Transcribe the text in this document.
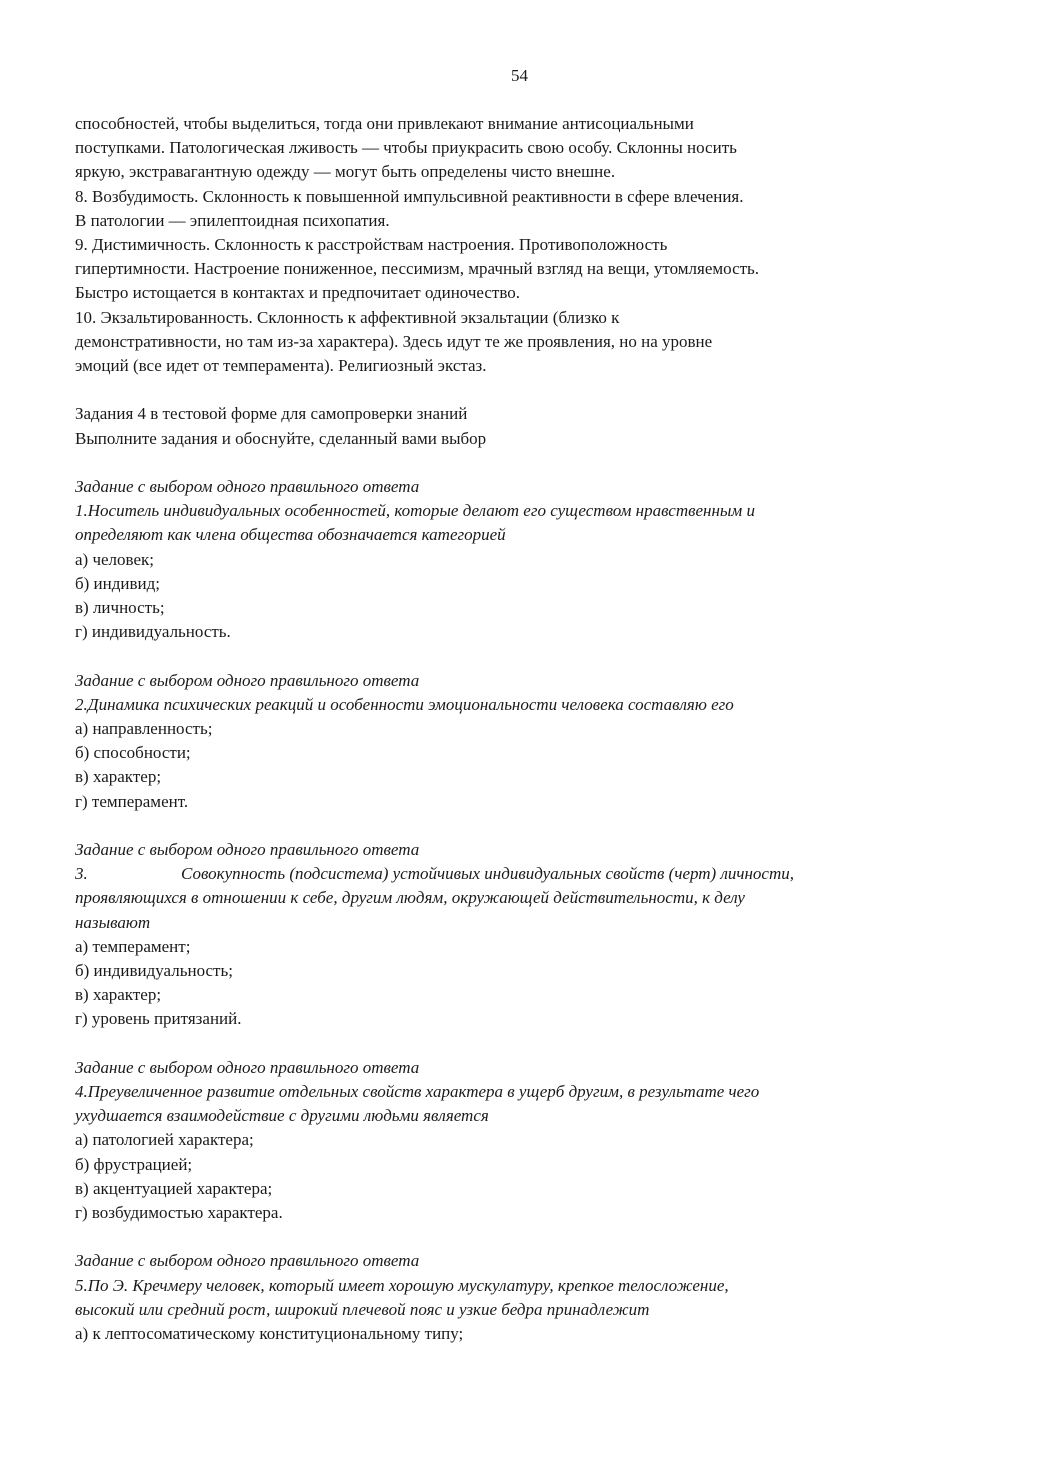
54
способностей, чтобы выделиться, тогда они привлекают внимание антисоциальными
поступками. Патологическая лживость — чтобы приукрасить свою особу. Склонны носить
яркую, экстравагантную одежду — могут быть определены чисто внешне.
8. Возбудимость. Склонность к повышенной импульсивной реактивности в сфере влечения.
В патологии — эпилептоидная психопатия.
9. Дистимичность. Склонность к расстройствам настроения. Противоположность
гипертимности. Настроение пониженное, пессимизм, мрачный взгляд на вещи, утомляемость.
Быстро истощается в контактах и предпочитает одиночество.
10. Экзальтированность. Склонность к аффективной экзальтации (близко к
демонстративности, но там из-за характера). Здесь идут те же проявления, но на уровне
эмоций (все идет от темперамента). Религиозный экстаз.
Задания 4 в тестовой форме для самопроверки знаний
Выполните задания и обоснуйте, сделанный вами выбор
Задание с выбором одного правильного ответа
1.Носитель индивидуальных особенностей, которые делают его существом нравственным и
определяют как члена общества обозначается категорией
а) человек;
б) индивид;
в) личность;
г) индивидуальность.
Задание с выбором одного правильного ответа
2.Динамика психических реакций и особенности эмоциональности человека составляю его
а) направленность;
б) способности;
в) характер;
г) темперамент.
Задание с выбором одного правильного ответа
3.	Совокупность (подсистема) устойчивых индивидуальных свойств (черт) личности,
проявляющихся в отношении к себе, другим людям, окружающей действительности, к делу
называют
а) темперамент;
б) индивидуальность;
в) характер;
г) уровень притязаний.
Задание с выбором одного правильного ответа
4.Преувеличенное развитие отдельных свойств характера в ущерб другим, в результате чего
ухудшается взаимодействие с другими людьми является
а) патологией характера;
б) фрустрацией;
в) акцентуацией характера;
г) возбудимостью характера.
Задание с выбором одного правильного ответа
5.По Э. Кречмеру человек, который имеет хорошую мускулатуру, крепкое телосложение,
высокий или средний рост, широкий плечевой пояс и узкие бедра принадлежит
а) к лептосоматическому конституциональному типу;
